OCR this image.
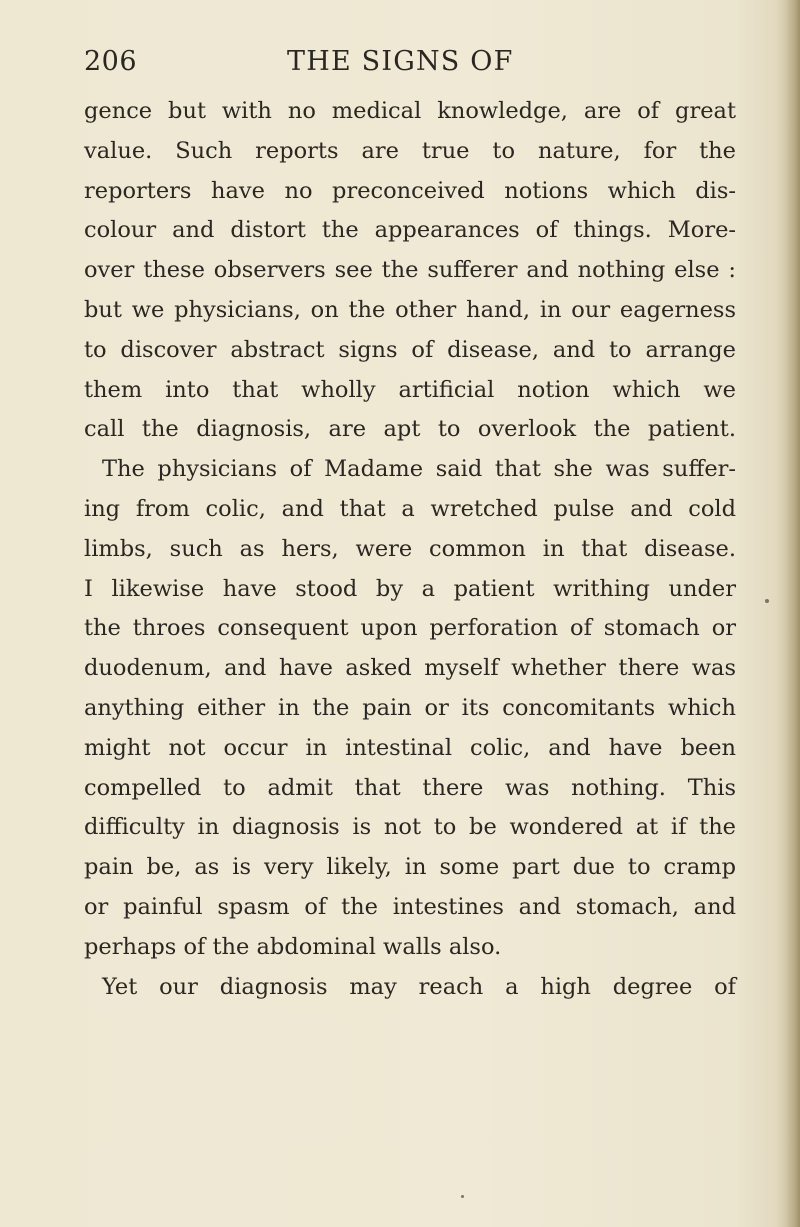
206	THE SIGNS OF
gence but with no medical knowledge, are of great
value. Such reports are true to nature, for the
reporters have no preconceived notions which dis-
colour and distort the appearances of things. More-
over these observers see the sufferer and nothing else :
but we physicians, on the other hand, in our eagerness
to discover abstract signs of disease, and to arrange
them into that wholly artificial notion which we
call the diagnosis, are apt to overlook the patient.
The physicians of Madame said that she was suffer-
ing from colic, and that a wretched pulse and cold
limbs, such as hers, were common in that disease.
I likewise have stood by a patient writhing under
the throes consequent upon perforation of stomach or
duodenum, and have asked myself whether there was
anything either in the pain or its concomitants which
might not occur in intestinal colic, and have been
compelled to admit that there was nothing. This
difficulty in diagnosis is not to be wondered at if the
pain be, as is very likely, in some part due to cramp
or painful spasm of the intestines and stomach, and
perhaps of the abdominal walls also.
Yet our diagnosis may reach a high degree of
